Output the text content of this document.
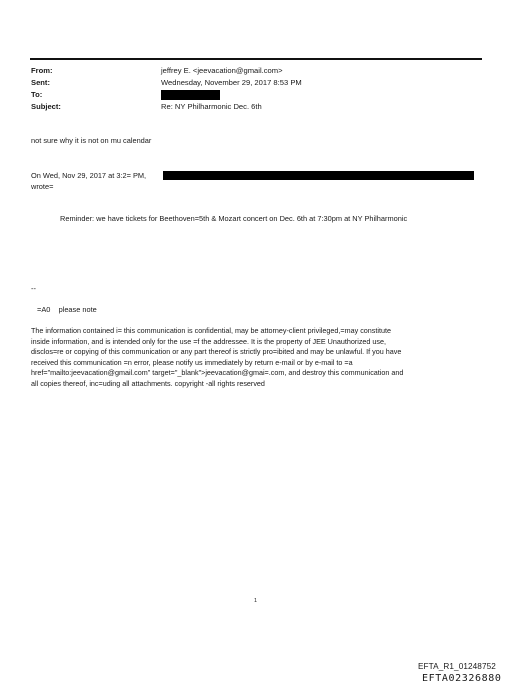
From:	jeffrey E. <jeevacation@gmail.com>
Sent:	Wednesday, November 29, 2017 8:53 PM
To:
Subject:	Re: NY Philharmonic Dec. 6th
not sure why it is not on mu calendar
On Wed, Nov 29, 2017 at 3:2= PM,
wrote=
Reminder: we have tickets for Beethoven=5th & Mozart concert on Dec. 6th at 7:30pm at NY Philharmonic
--
=A0    please note
The information contained i= this communication is confidential, may be attorney-client privileged,=may constitute
inside information, and is intended only for the use =f the addressee. It is the property of JEE Unauthorized use,
disclos=re or copying of this communication or any part thereof is strictly pro=ibited and may be unlawful. If you have
received this communication =n error, please notify us immediately by return e-mail or by e-mail to =a
href="mailto:jeevacation@gmail.com" target="_blank">jeevacation@gmai=.com, and destroy this communication and
all copies thereof, inc=uding all attachments. copyright -all rights reserved
1
EFTA_R1_01248752
EFTA02326880
